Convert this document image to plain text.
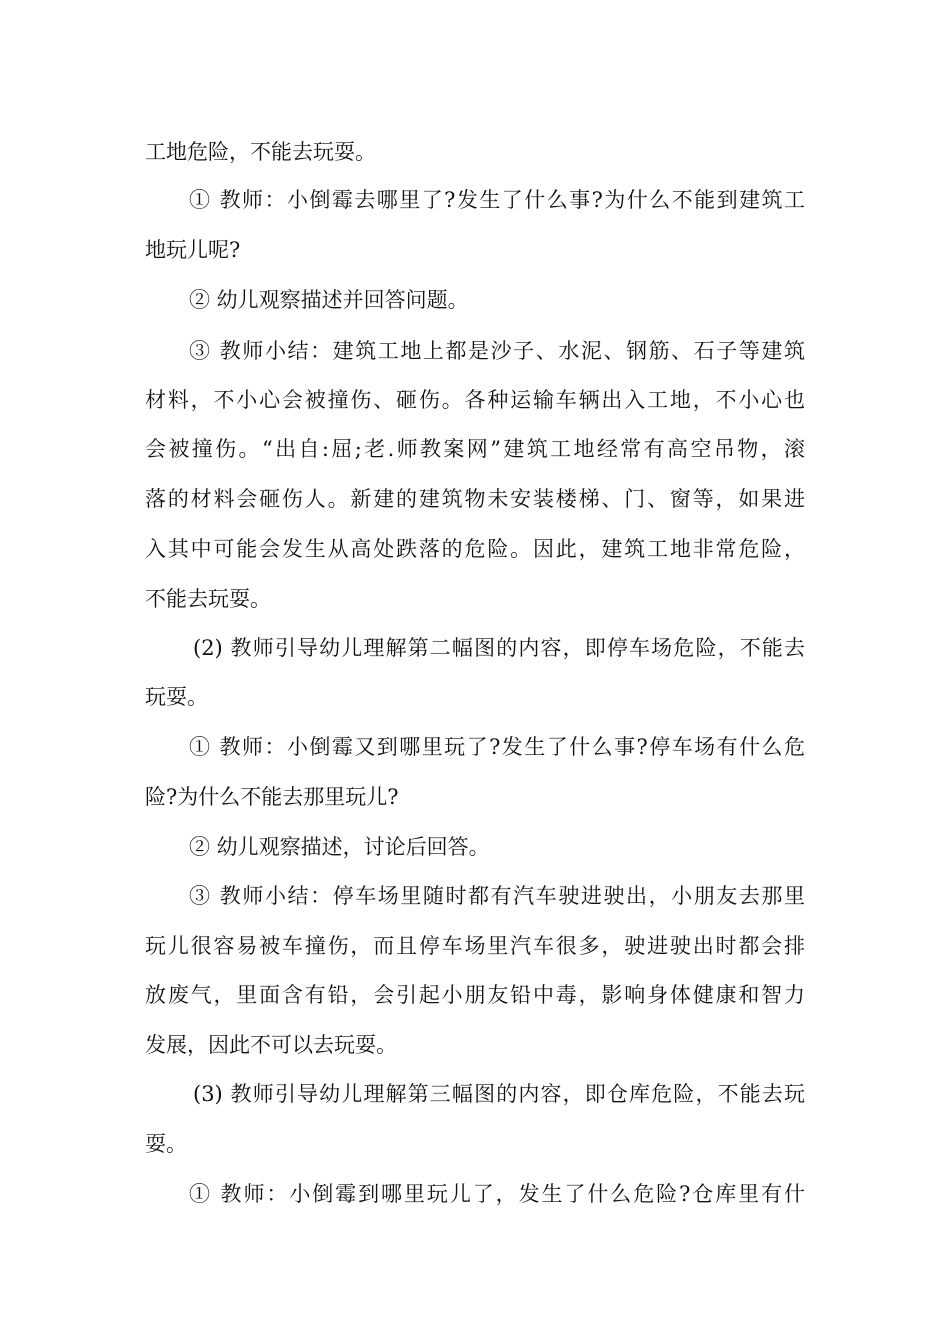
工地危险，不能去玩耍。
① 教师：小倒霉去哪里了?发生了什么事?为什么不能到建筑工
地玩儿呢?
② 幼儿观察描述并回答问题。
③ 教师小结：建筑工地上都是沙子、水泥、钢筋、石子等建筑
材料，不小心会被撞伤、砸伤。各种运输车辆出入工地，不小心也
会被撞伤。“出自:屈;老.师教案网”建筑工地经常有高空吊物，滚
落的材料会砸伤人。新建的建筑物未安装楼梯、门、窗等，如果进
入其中可能会发生从高处跌落的危险。因此，建筑工地非常危险，
不能去玩耍。
(2) 教师引导幼儿理解第二幅图的内容，即停车场危险，不能去
玩耍。
① 教师：小倒霉又到哪里玩了?发生了什么事?停车场有什么危
险?为什么不能去那里玩儿?
② 幼儿观察描述，讨论后回答。
③ 教师小结：停车场里随时都有汽车驶进驶出，小朋友去那里
玩儿很容易被车撞伤，而且停车场里汽车很多，驶进驶出时都会排
放废气，里面含有铅，会引起小朋友铅中毒，影响身体健康和智力
发展，因此不可以去玩耍。
(3) 教师引导幼儿理解第三幅图的内容，即仓库危险，不能去玩
耍。
① 教师：小倒霉到哪里玩儿了，发生了什么危险?仓库里有什
